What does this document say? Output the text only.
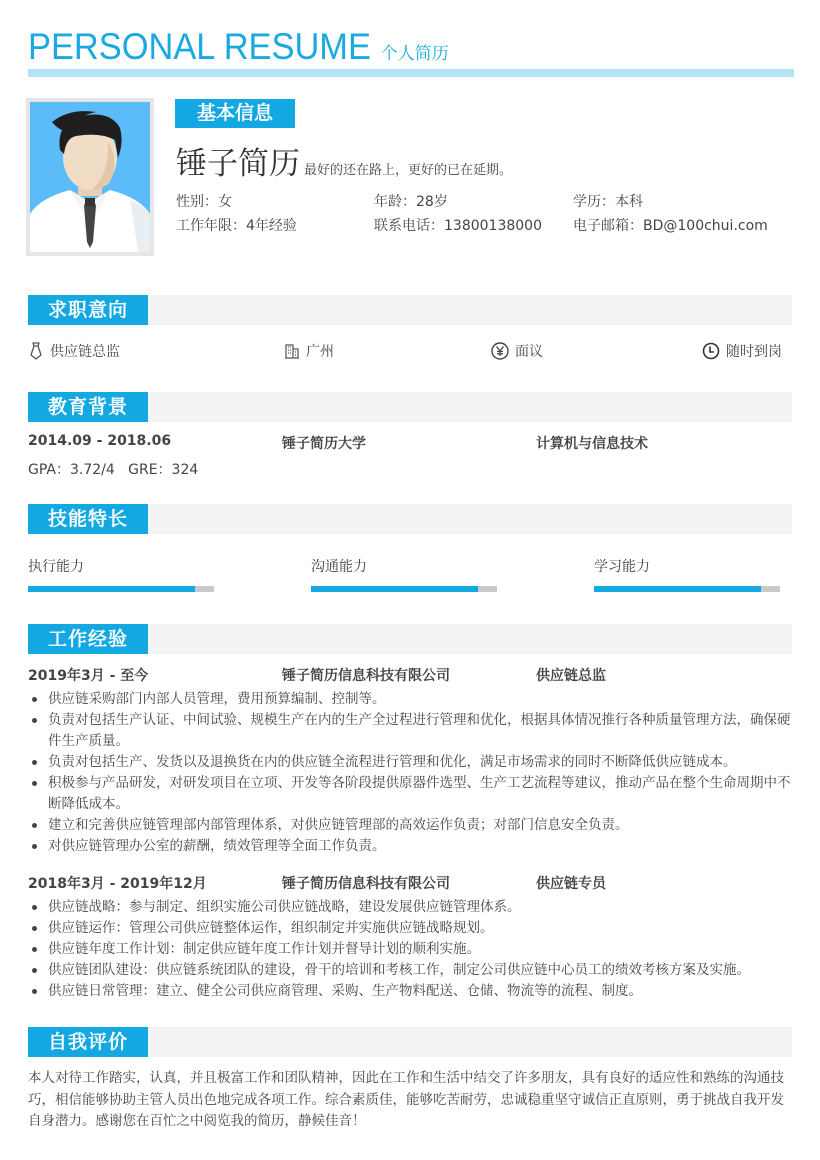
PERSONAL RESUME 个人简历
基本信息
锤子简历 最好的还在路上，更好的已在延期。
性别：女	年龄：28岁	学历：本科
工作年限：4年经验	联系电话：13800138000	电子邮箱：BD@100chui.com
求职意向
供应链总监	广州	面议	随时到岗
教育背景
2014.09 - 2018.06	锤子简历大学	计算机与信息技术
GPA：3.72/4   GRE：324
技能特长
执行能力	沟通能力	学习能力
工作经验
2019年3月 - 至今	锤子简历信息科技有限公司	供应链总监
供应链采购部门内部人员管理，费用预算编制、控制等。
负责对包括生产认证、中间试验、规模生产在内的生产全过程进行管理和优化，根据具体情况推行各种质量管理方法，确保硬件生产质量。
负责对包括生产、发货以及退换货在内的供应链全流程进行管理和优化，满足市场需求的同时不断降低供应链成本。
积极参与产品研发，对研发项目在立项、开发等各阶段提供原器件选型、生产工艺流程等建议，推动产品在整个生命周期中不断降低成本。
建立和完善供应链管理部内部管理体系，对供应链管理部的高效运作负责；对部门信息安全负责。
对供应链管理办公室的薪酬，绩效管理等全面工作负责。
2018年3月 - 2019年12月	锤子简历信息科技有限公司	供应链专员
供应链战略：参与制定、组织实施公司供应链战略，建设发展供应链管理体系。
供应链运作：管理公司供应链整体运作，组织制定并实施供应链战略规划。
供应链年度工作计划：制定供应链年度工作计划并督导计划的顺利实施。
供应链团队建设：供应链系统团队的建设，骨干的培训和考核工作，制定公司供应链中心员工的绩效考核方案及实施。
供应链日常管理：建立、健全公司供应商管理、采购、生产物料配送、仓储、物流等的流程、制度。
自我评价
本人对待工作踏实，认真，并且极富工作和团队精神，因此在工作和生活中结交了许多朋友，具有良好的适应性和熟练的沟通技巧，相信能够协助主管人员出色地完成各项工作。综合素质佳，能够吃苦耐劳，忠诚稳重坚守诚信正直原则，勇于挑战自我开发自身潜力。感谢您在百忙之中阅览我的简历，静候佳音！
